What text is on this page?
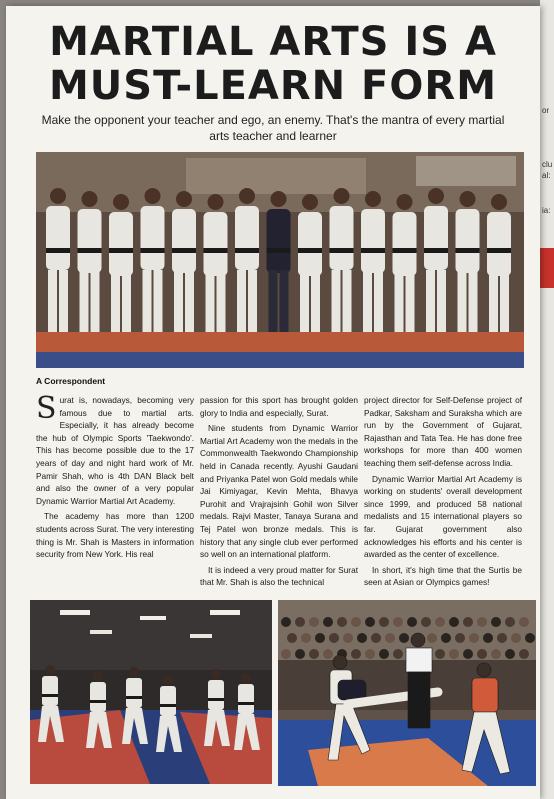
or
clu
al:
ia:
MARTIAL ARTS IS A
MUST-LEARN FORM
Make the opponent your teacher and ego, an enemy. That's the mantra of every martial arts teacher and learner
A Correspondent

Surat is, nowadays, becoming very famous due to martial arts. Especially, it has already become the hub of Olympic Sports 'Taekwondo'. This has become possible due to the 17 years of day and night hard work of Mr. Pamir Shah, who is 4th DAN Black belt and also the owner of a very popular Dynamic Warrior Martial Art Academy.

The academy has more than 1200 students across Surat. The very interesting thing is Mr. Shah is Masters in information security from New York. His real

passion for this sport has brought golden glory to India and especially, Surat.

Nine students from Dynamic Warrior Martial Art Academy won the medals in the Commonwealth Taekwondo Championship held in Canada recently. Ayushi Gaudani and Priyanka Patel won Gold medals while Jai Kimiyagar, Kevin Mehta, Bhavya Purohit and Vrajrajsinh Gohil won Silver medals. Rajvi Master, Tanaya Surana and Tej Patel won bronze medals. This is history that any single club ever performed so well on an international platform.

It is indeed a very proud matter for Surat that Mr. Shah is also the technical

project director for Self-Defense project of Padkar, Saksham and Suraksha which are run by the Government of Gujarat, Rajasthan and Tata Tea. He has done free workshops for more than 400 women teaching them self-defense across India.

Dynamic Warrior Martial Art Academy is working on students' overall development since 1999, and produced 58 national medalists and 15 international players so far. Gujarat government also acknowledges his efforts and his center is awarded as the center of excellence.

In short, it's high time that the Surtis be seen at Asian or Olympics games!
